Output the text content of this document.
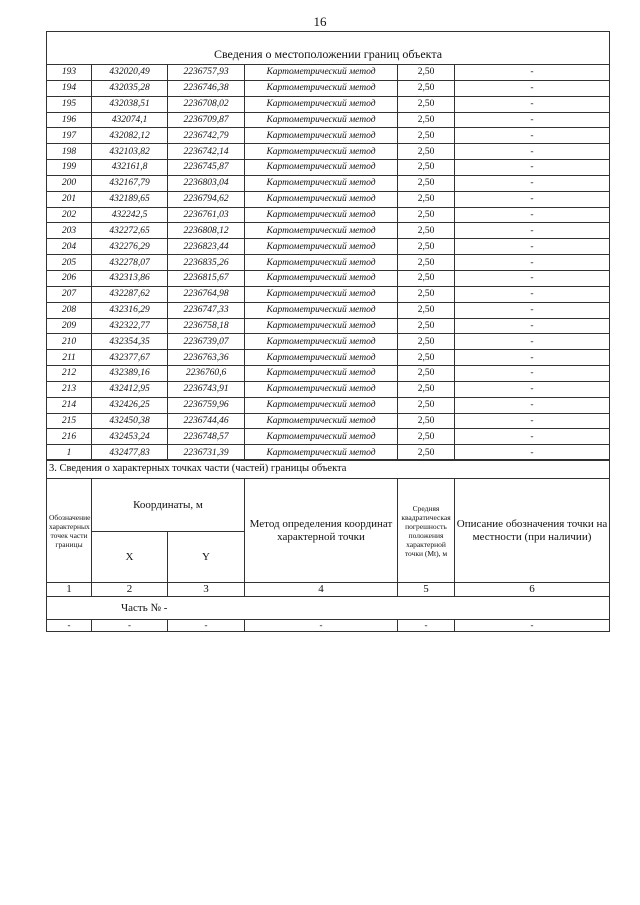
16
Сведения о местоположении границ объекта					
193	432020,49	2236757,93	Картометрический метод	2,50	-
194	432035,28	2236746,38	Картометрический метод	2,50	-
195	432038,51	2236708,02	Картометрический метод	2,50	-
196	432074,1	2236709,87	Картометрический метод	2,50	-
197	432082,12	2236742,79	Картометрический метод	2,50	-
198	432103,82	2236742,14	Картометрический метод	2,50	-
199	432161,8	2236745,87	Картометрический метод	2,50	-
200	432167,79	2236803,04	Картометрический метод	2,50	-
201	432189,65	2236794,62	Картометрический метод	2,50	-
202	432242,5	2236761,03	Картометрический метод	2,50	-
203	432272,65	2236808,12	Картометрический метод	2,50	-
204	432276,29	2236823,44	Картометрический метод	2,50	-
205	432278,07	2236835,26	Картометрический метод	2,50	-
206	432313,86	2236815,67	Картометрический метод	2,50	-
207	432287,62	2236764,98	Картометрический метод	2,50	-
208	432316,29	2236747,33	Картометрический метод	2,50	-
209	432322,77	2236758,18	Картометрический метод	2,50	-
210	432354,35	2236739,07	Картометрический метод	2,50	-
211	432377,67	2236763,36	Картометрический метод	2,50	-
212	432389,16	2236760,6	Картометрический метод	2,50	-
213	432412,95	2236743,91	Картометрический метод	2,50	-
214	432426,25	2236759,96	Картометрический метод	2,50	-
215	432450,38	2236744,46	Картометрический метод	2,50	-
216	432453,24	2236748,57	Картометрический метод	2,50	-
1	432477,83	2236731,39	Картометрический метод	2,50	-
3. Сведения о характерных точках части (частей) границы объекта					
Обозначение характерных точек части границы	Координаты, м		Метод определения координат характерной точки	Средняя квадратическая погрешность положения характерной точки (Mt), м	Описание обозначения точки на местности (при наличии)
	X	Y			
1	2	3	4	5	6
Часть № -					
-	-	-	-	-	-
